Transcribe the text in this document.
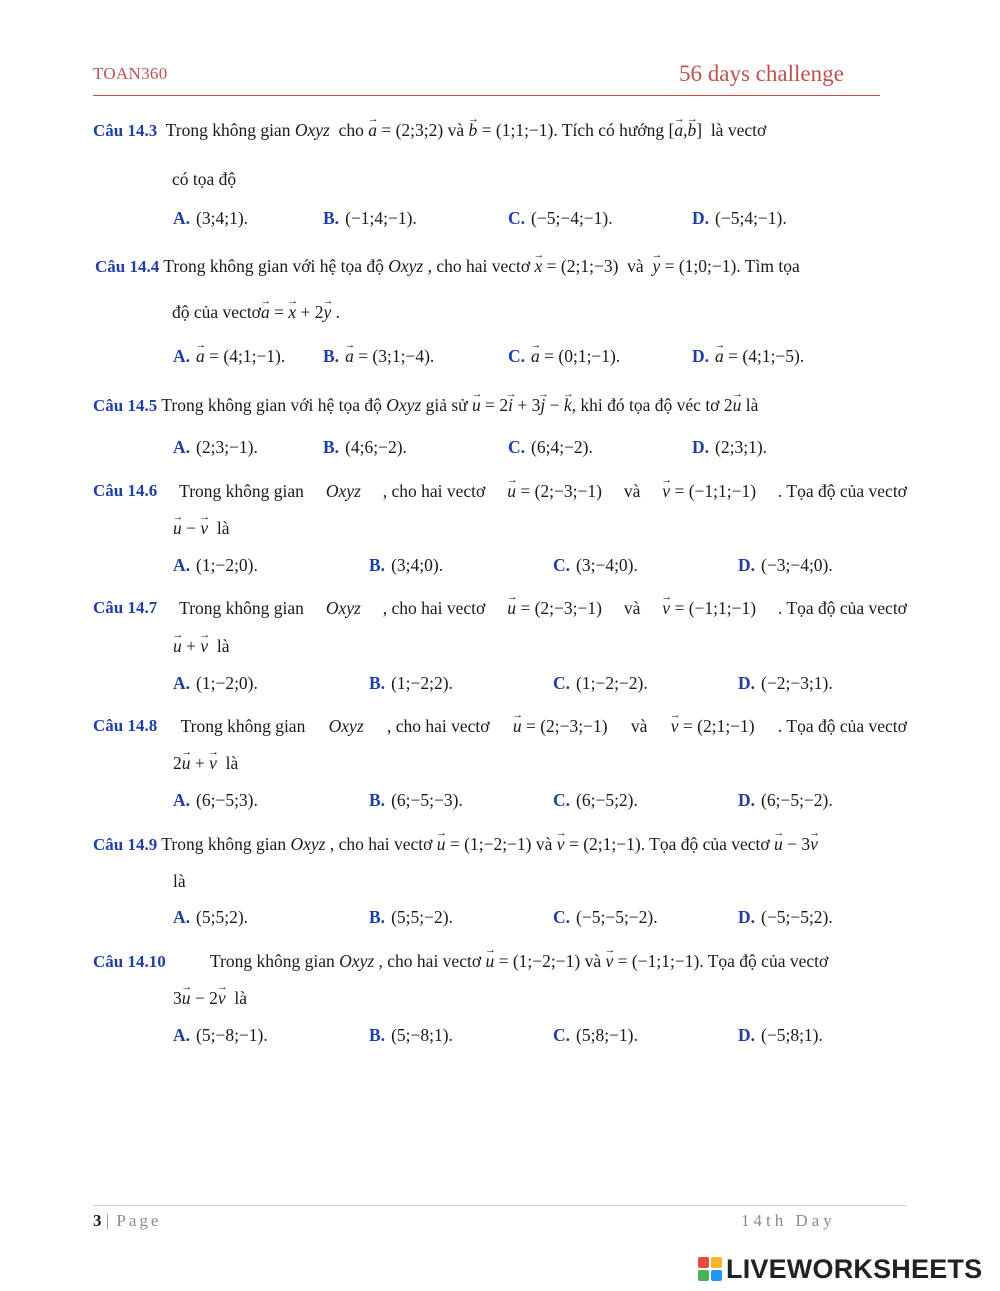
TOAN360	56 days challenge
Câu 14.3 Trong không gian Oxyz cho → a = (2;3;2) và → b = (1;1;−1). Tích có hướng [→ a,→ b] là vectơ
có tọa độ
A. (3;4;1).	B. (−1;4;−1).	C. (−5;−4;−1).	D. (−5;4;−1).
Câu 14.4 Trong không gian với hệ tọa độ Oxyz , cho hai vectơ → x = (2;1;−3) và → y = (1;0;−1). Tìm tọa
độ của vectơ→ a = → x + 2→ y .
A. → a = (4;1;−1). B. → a = (3;1;−4).	C. → a = (0;1;−1).	D. → a = (4;1;−5).
Câu 14.5 Trong không gian với hệ tọa độ Oxyz giả sử → u = 2→ i + 3→ j − → k, khi đó tọa độ véc tơ 2→ u là
A. (2;3;−1).	B. (4;6;−2).	C. (6;4;−2).	D. (2;3;1).
Câu 14.6 Trong không gian Oxyz , cho hai vectơ → u = (2;−3;−1) và → v = (−1;1;−1) . Tọa độ của vectơ
→ u − → v là
A. (1;−2;0).	B. (3;4;0).	C. (3;−4;0).	D. (−3;−4;0).
Câu 14.7 Trong không gian Oxyz , cho hai vectơ → u = (2;−3;−1) và → v = (−1;1;−1) . Tọa độ của vectơ
→ u + → v là
A. (1;−2;0).	B. (1;−2;2).	C. (1;−2;−2).	D. (−2;−3;1).
Câu 14.8 Trong không gian Oxyz , cho hai vectơ → u = (2;−3;−1) và → v = (2;1;−1) . Tọa độ của vectơ
2→ u + → v là
A. (6;−5;3).	B. (6;−5;−3).	C. (6;−5;2).	D. (6;−5;−2).
Câu 14.9 Trong không gian Oxyz , cho hai vectơ → u = (1;−2;−1) và → v = (2;1;−1). Tọa độ của vectơ → u − 3→ v
là
A. (5;5;2).	B. (5;5;−2).	C. (−5;−5;−2).	D. (−5;−5;2).
Câu 14.10	Trong không gian Oxyz , cho hai vectơ → u = (1;−2;−1) và → v = (−1;1;−1). Tọa độ của vectơ
3→ u − 2→ v là
A. (5;−8;−1).	B. (5;−8;1).	C. (5;8;−1).	D. (−5;8;1).
3 | Page	14th Day
LIVEWORKSHEETS
